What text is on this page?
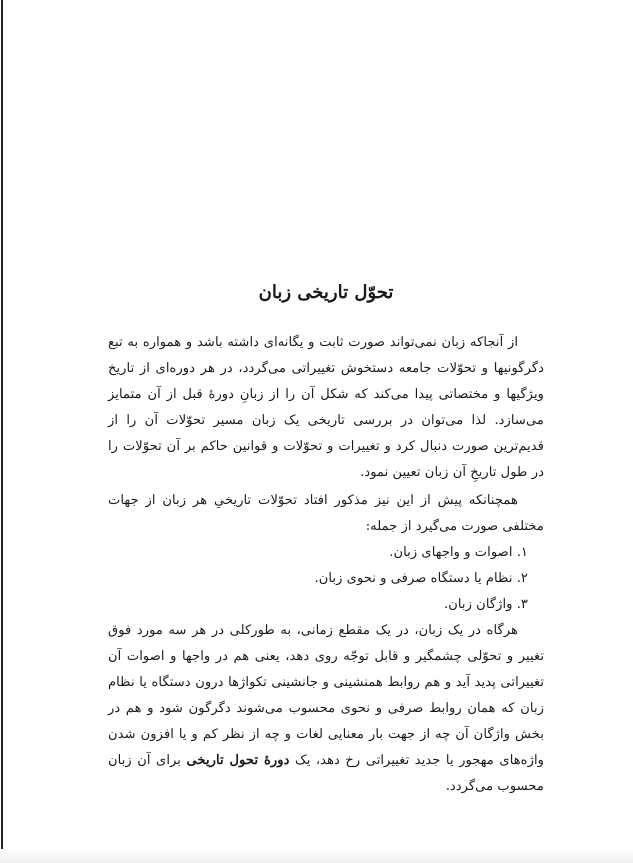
تحوّل تاریخی زبان

از آنجاکه زبان نمی‌تواند صورت ثابت و یگانه‌ای داشته باشد و همواره به تبع دگرگونیها و تحوّلات جامعه دستخوش تغییراتی می‌گردد، در هر دوره‌ای از تاریخ ویژگیها و مختصاتی پیدا می‌کند که شکل آن را از زبانِ دورهٔ قبل از آن متمایز می‌سازد. لذا می‌توان در بررسی تاریخی یک زبان مسیر تحوّلات آن را از قدیم‌ترین صورت دنبال کرد و تغییرات و تحوّلات و قوانین حاکم بر آن تحوّلات را در طول تاریخِ آن زبان تعیین نمود.

همچنانکه پیش از این نیز مذکور افتاد تحوّلات تاریخیِ هر زبان از جهات مختلفی صورت می‌گیرد از جمله:

۱. اصوات و واجهای زبان.
۲. نظام یا دستگاه صرفی و نحوی زبان.
۳. واژگان زبان.

هرگاه در یک زبان، در یک مقطع زمانی، به طورکلی در هر سه مورد فوق تغییر و تحوّلی چشمگیر و قابل توجّه روی دهد، یعنی هم در واجها و اصوات آن تغییراتی پدید آید و هم روابط همنشینی و جانشینی تکواژها درون دستگاه یا نظام زبان که همان روابط صرفی و نحوی محسوب می‌شوند دگرگون شود و هم در بخش واژگان آن چه از جهت بار معنایی لغات و چه از نظر کم و یا افزون شدن واژه‌های مهجور یا جدید تغییراتی رخ دهد، یک دورهٔ تحول تاریخی برای آن زبان محسوب می‌گردد.
